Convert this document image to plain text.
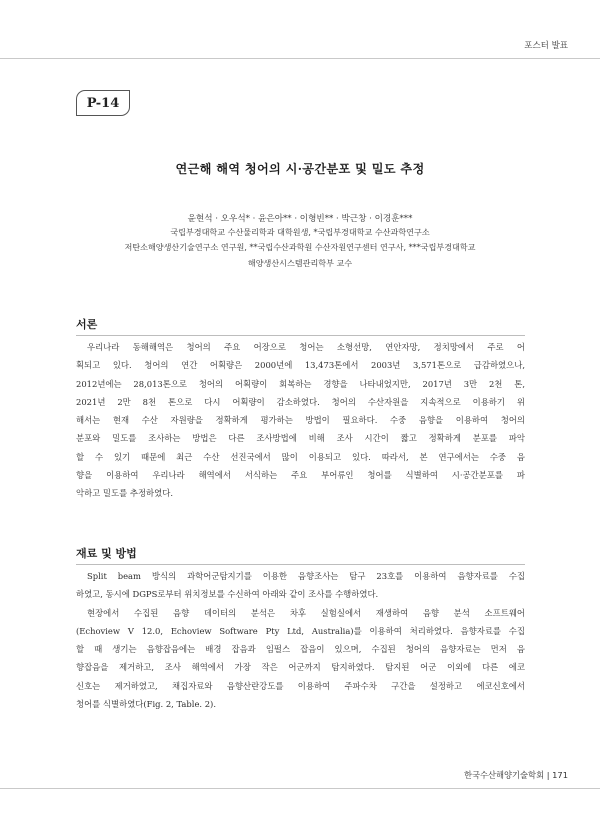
포스터 발표
P-14
연근해 해역 청어의 시·공간분포 및 밀도 추정
윤현석 · 오우석* · 윤은아** · 이형빈** · 박근창 · 이경훈***
국립부경대학교 수산물리학과 대학원생, *국립부경대학교 수산과학연구소
저탄소해양생산기술연구소 연구원, **국립수산과학원 수산자원연구센터 연구사, ***국립부경대학교
해양생산시스템관리학부 교수
서론
우리나라 동해해역은 청어의 주요 어장으로 청어는 소형선망, 연안자망, 정치망에서 주로 어
획되고 있다. 청어의 연간 어획량은 2000년에 13,473톤에서 2003년 3,571톤으로 급감하였으나,
2012년에는 28,013톤으로 청어의 어획량이 회복하는 경향을 나타내었지만, 2017년 3만 2천 톤,
2021년 2만 8천 톤으로 다시 어획량이 감소하였다. 청어의 수산자원을 지속적으로 이용하기 위
해서는 현재 수산 자원량을 정확하게 평가하는 방법이 필요하다. 수중 음향을 이용하여 청어의
분포와 밀도를 조사하는 방법은 다른 조사방법에 비해 조사 시간이 짧고 정확하게 분포를 파악
할 수 있기 때문에 최근 수산 선진국에서 많이 이용되고 있다. 따라서, 본 연구에서는 수중 음
향을 이용하여 우리나라 해역에서 서식하는 주요 부어류인 청어를 식별하여 시·공간분포를 파
악하고 밀도를 추정하였다.
재료 및 방법
Split beam 방식의 과학어군탐지기를 이용한 음향조사는 탐구 23호를 이용하여 음향자료를 수집
하였고, 동시에 DGPS로부터 위치정보를 수신하여 아래와 같이 조사를 수행하였다.
현장에서 수집된 음향 데이터의 분석은 차후 실험실에서 재생하여 음향 분석 소프트웨어
(Echoview V 12.0, Echoview Software Pty Ltd, Australia)를 이용하여 처리하였다. 음향자료를 수집
할 때 생기는 음향잡음에는 배경 잡음과 임펄스 잡음이 있으며, 수집된 청어의 음향자료는 먼저 음
향잡음을 제거하고, 조사 해역에서 가장 작은 어군까지 탐지하였다. 탐지된 어군 이외에 다른 에코
신호는 제거하였고, 채집자료와 음향산란강도를 이용하여 주파수차 구간을 설정하고 에코신호에서
청어를 식별하였다(Fig. 2, Table. 2).
한국수산해양기술학회 | 171
